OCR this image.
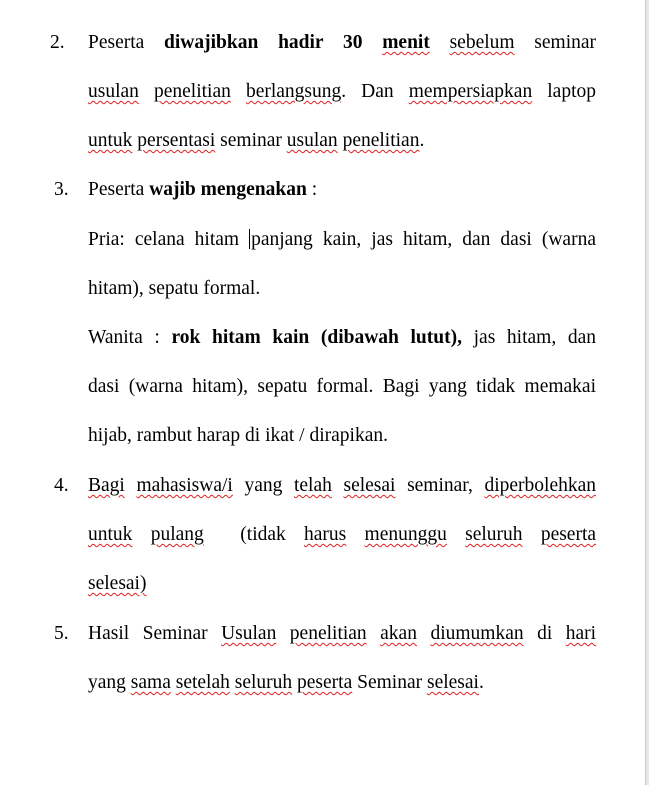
2. Peserta diwajibkan hadir 30 menit sebelum seminar
usulan penelitian berlangsung. Dan mempersiapkan laptop
untuk persentasi seminar usulan penelitian.
3. Peserta wajib mengenakan :
Pria: celana hitam panjang kain, jas hitam, dan dasi (warna
hitam), sepatu formal.
Wanita : rok hitam kain (dibawah lutut), jas hitam, dan
dasi (warna hitam), sepatu formal. Bagi yang tidak memakai
hijab, rambut harap di ikat / dirapikan.
4. Bagi mahasiswa/i yang telah selesai seminar, diperbolehkan
untuk pulang  (tidak harus menunggu seluruh peserta
selesai)
5. Hasil Seminar Usulan penelitian akan diumumkan di hari
yang sama setelah seluruh peserta Seminar selesai.
